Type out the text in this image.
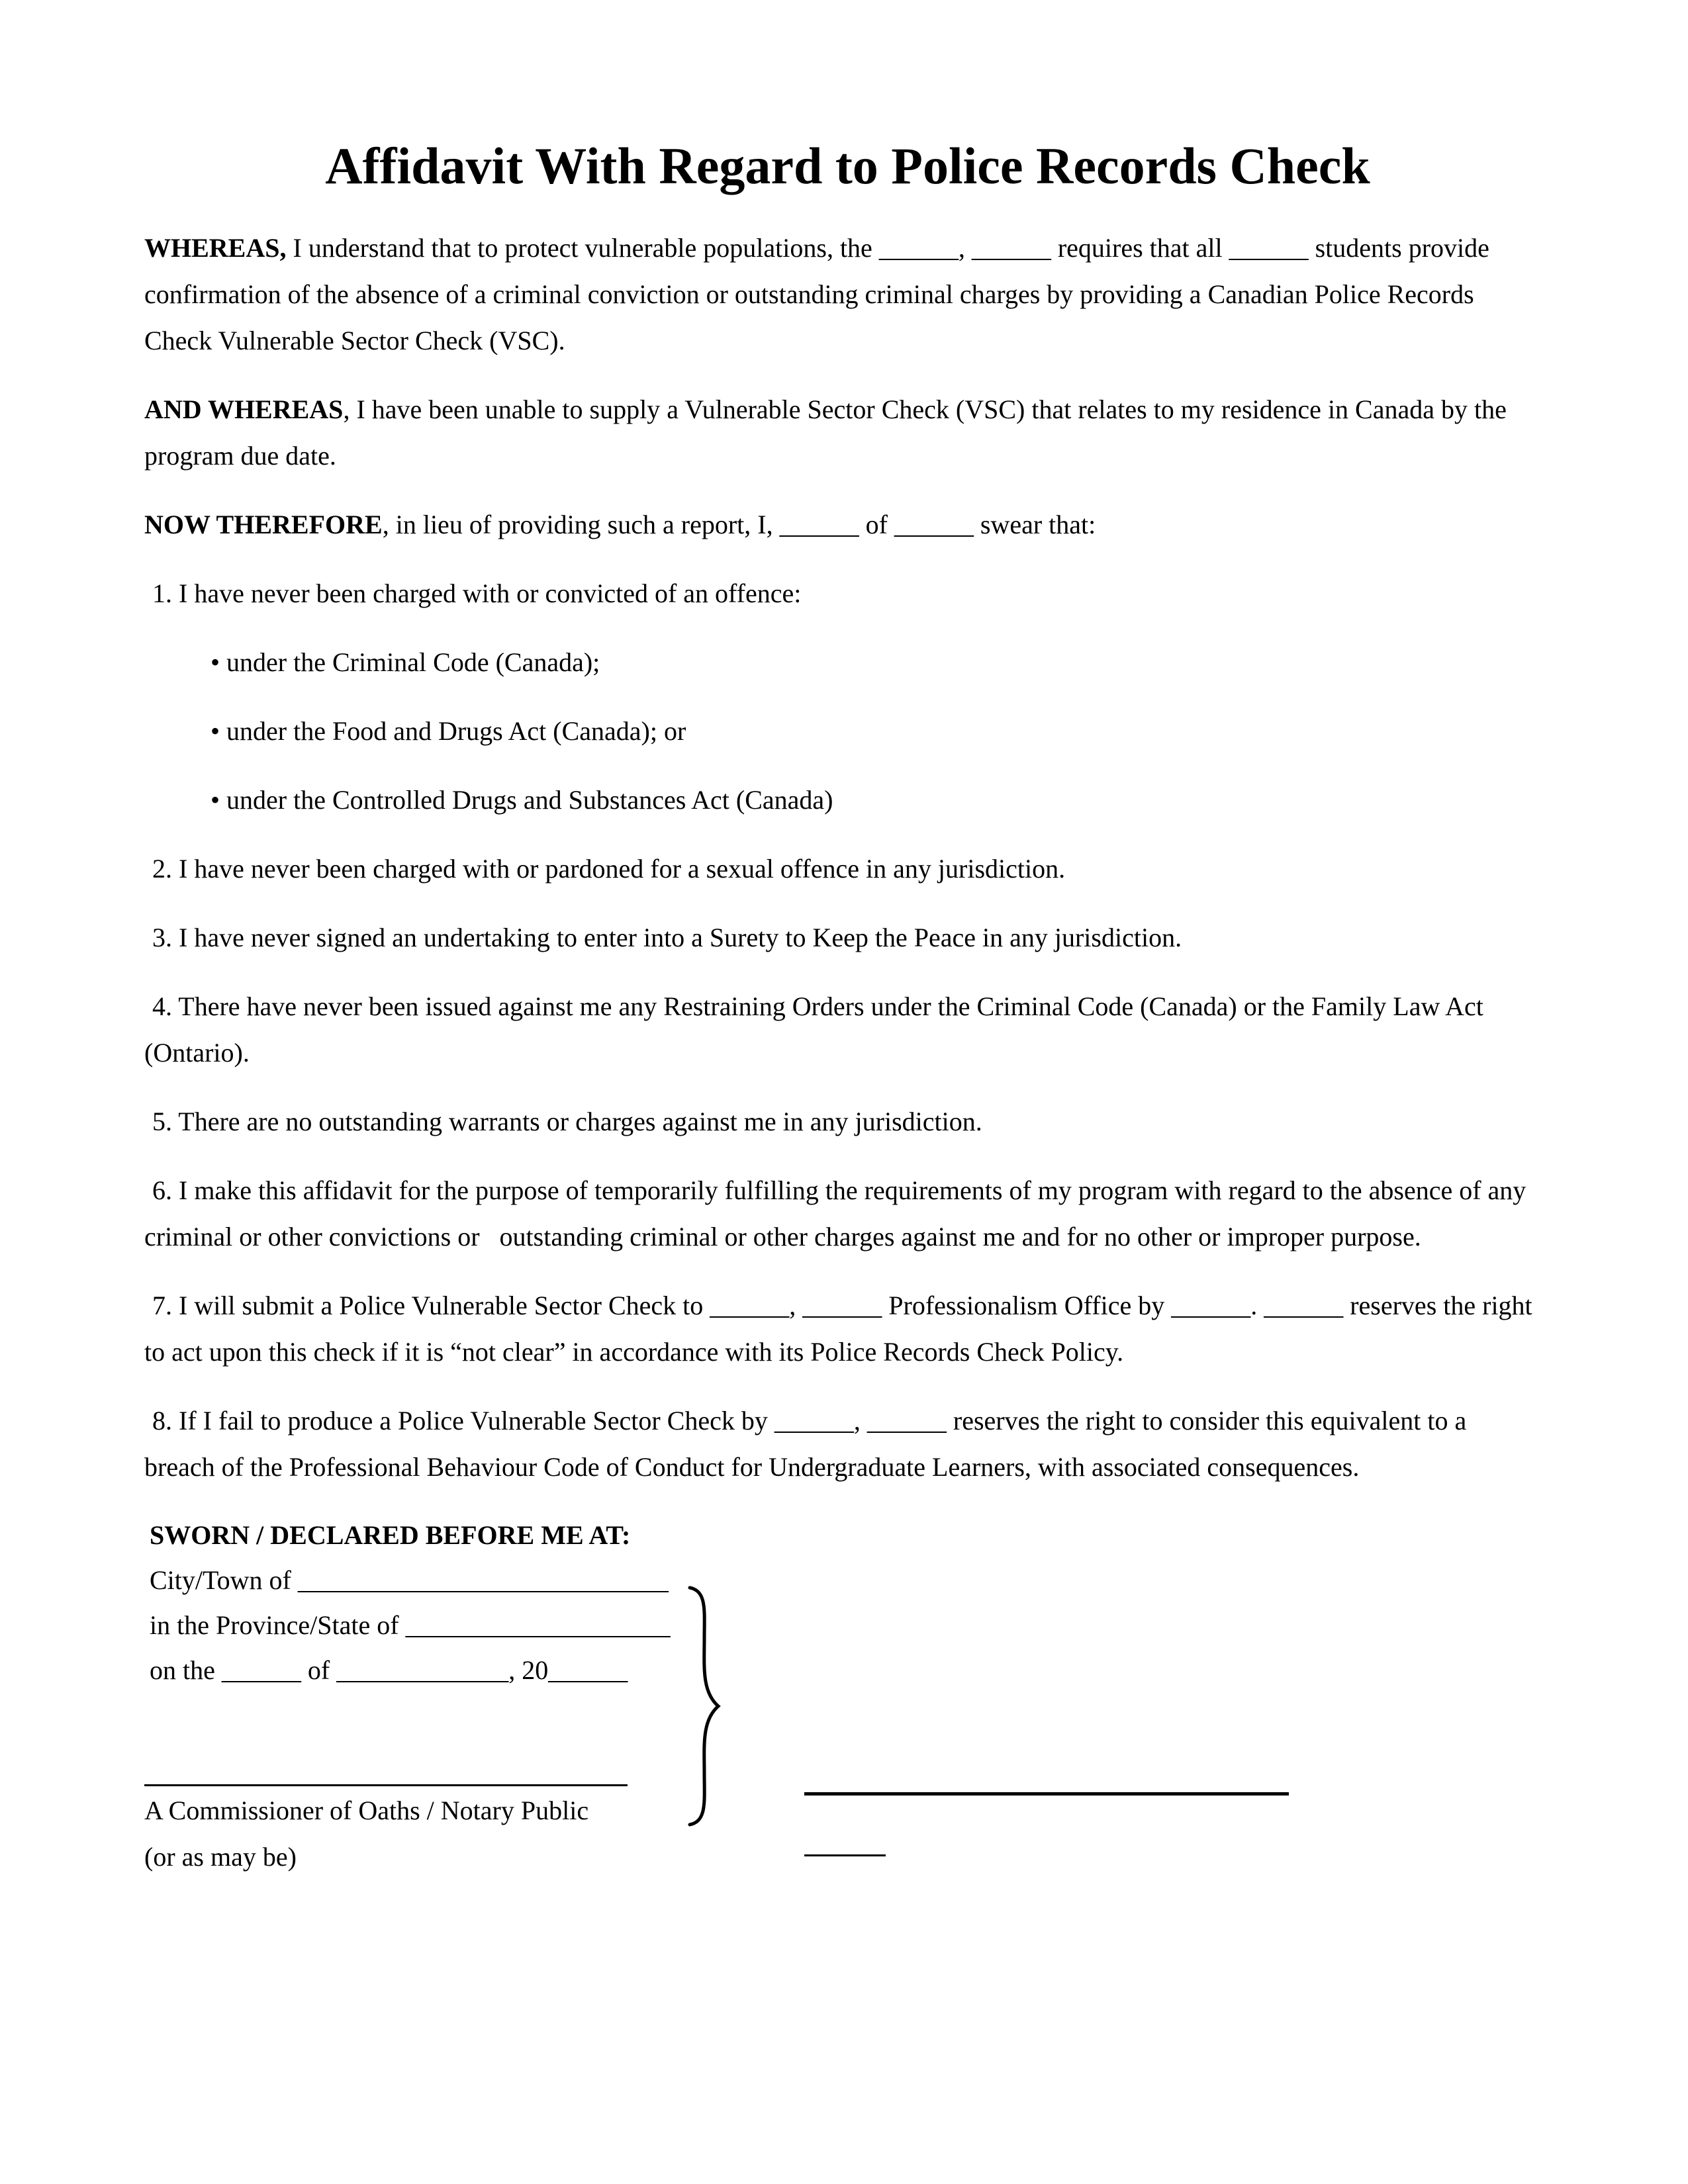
Affidavit With Regard to Police Records Check
WHEREAS, I understand that to protect vulnerable populations, the ______, ______ requires that all ______ students provide
confirmation of the absence of a criminal conviction or outstanding criminal charges by providing a Canadian Police Records
Check Vulnerable Sector Check (VSC).
AND WHEREAS, I have been unable to supply a Vulnerable Sector Check (VSC) that relates to my residence in Canada by the
program due date.
NOW THEREFORE, in lieu of providing such a report, I, ______ of ______ swear that:
1. I have never been charged with or convicted of an offence:
• under the Criminal Code (Canada);
• under the Food and Drugs Act (Canada); or
• under the Controlled Drugs and Substances Act (Canada)
2. I have never been charged with or pardoned for a sexual offence in any jurisdiction.
3. I have never signed an undertaking to enter into a Surety to Keep the Peace in any jurisdiction.
4. There have never been issued against me any Restraining Orders under the Criminal Code (Canada) or the Family Law Act
(Ontario).
5. There are no outstanding warrants or charges against me in any jurisdiction.
6. I make this affidavit for the purpose of temporarily fulfilling the requirements of my program with regard to the absence of any
criminal or other convictions or   outstanding criminal or other charges against me and for no other or improper purpose.
7. I will submit a Police Vulnerable Sector Check to ______, ______ Professionalism Office by ______. ______ reserves the right
to act upon this check if it is “not clear” in accordance with its Police Records Check Policy.
8. If I fail to produce a Police Vulnerable Sector Check by ______, ______ reserves the right to consider this equivalent to a
breach of the Professional Behaviour Code of Conduct for Undergraduate Learners, with associated consequences.
SWORN / DECLARED BEFORE ME AT:
City/Town of ____________________________
in the Province/State of ____________________
on the ______ of _____________, 20______
A Commissioner of Oaths / Notary Public
(or as may be)
